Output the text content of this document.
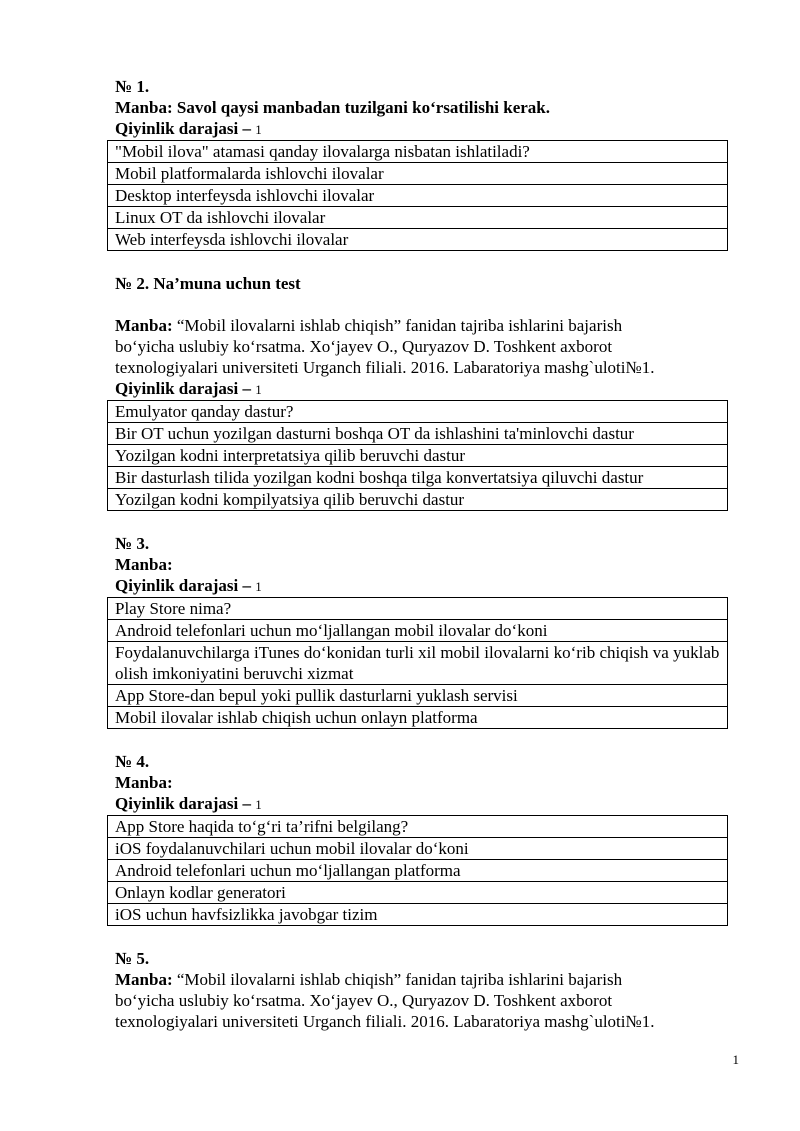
№ 1.

Manba: Savol qaysi manbadan tuzilgani ko‘rsatilishi kerak.

Qiyinlik darajasi – 1

"Mobil ilova" atamasi qanday ilovalarga nisbatan ishlatiladi?
Mobil platformalarda ishlovchi ilovalar
Desktop interfeysda ishlovchi ilovalar
Linux OT da ishlovchi ilovalar
Web interfeysda ishlovchi ilovalar

№ 2. Na’muna uchun test

Manba: “Mobil ilovalarni ishlab chiqish” fanidan tajriba ishlarini bajarish

bo‘yicha uslubiy ko‘rsatma. Xo‘jayev O., Quryazov D. Toshkent axborot

texnologiyalari universiteti Urganch filiali. 2016. Labaratoriya mashg`uloti№1.

Qiyinlik darajasi – 1

Emulyator qanday dastur?
Bir OT uchun yozilgan dasturni boshqa OT da ishlashini ta'minlovchi dastur
Yozilgan kodni interpretatsiya qilib beruvchi dastur
Bir dasturlash tilida yozilgan kodni boshqa tilga konvertatsiya qiluvchi dastur
Yozilgan kodni kompilyatsiya qilib beruvchi dastur

№ 3.

Manba:

Qiyinlik darajasi – 1

Play Store nima?
Android telefonlari uchun mo‘ljallangan mobil ilovalar do‘koni
Foydalanuvchilarga iTunes do‘konidan turli xil mobil ilovalarni ko‘rib chiqish va yuklab olish imkoniyatini beruvchi xizmat
App Store-dan bepul yoki pullik dasturlarni yuklash servisi
Mobil ilovalar ishlab chiqish uchun onlayn platforma

№ 4.

Manba:

Qiyinlik darajasi – 1

App Store haqida to‘g‘ri ta’rifni belgilang?
iOS foydalanuvchilari uchun mobil ilovalar do‘koni
Android telefonlari uchun mo‘ljallangan platforma
Onlayn kodlar generatori
iOS uchun havfsizlikka javobgar tizim

№ 5.

Manba: “Mobil ilovalarni ishlab chiqish” fanidan tajriba ishlarini bajarish

bo‘yicha uslubiy ko‘rsatma. Xo‘jayev O., Quryazov D. Toshkent axborot

texnologiyalari universiteti Urganch filiali. 2016. Labaratoriya mashg`uloti№1.

1
